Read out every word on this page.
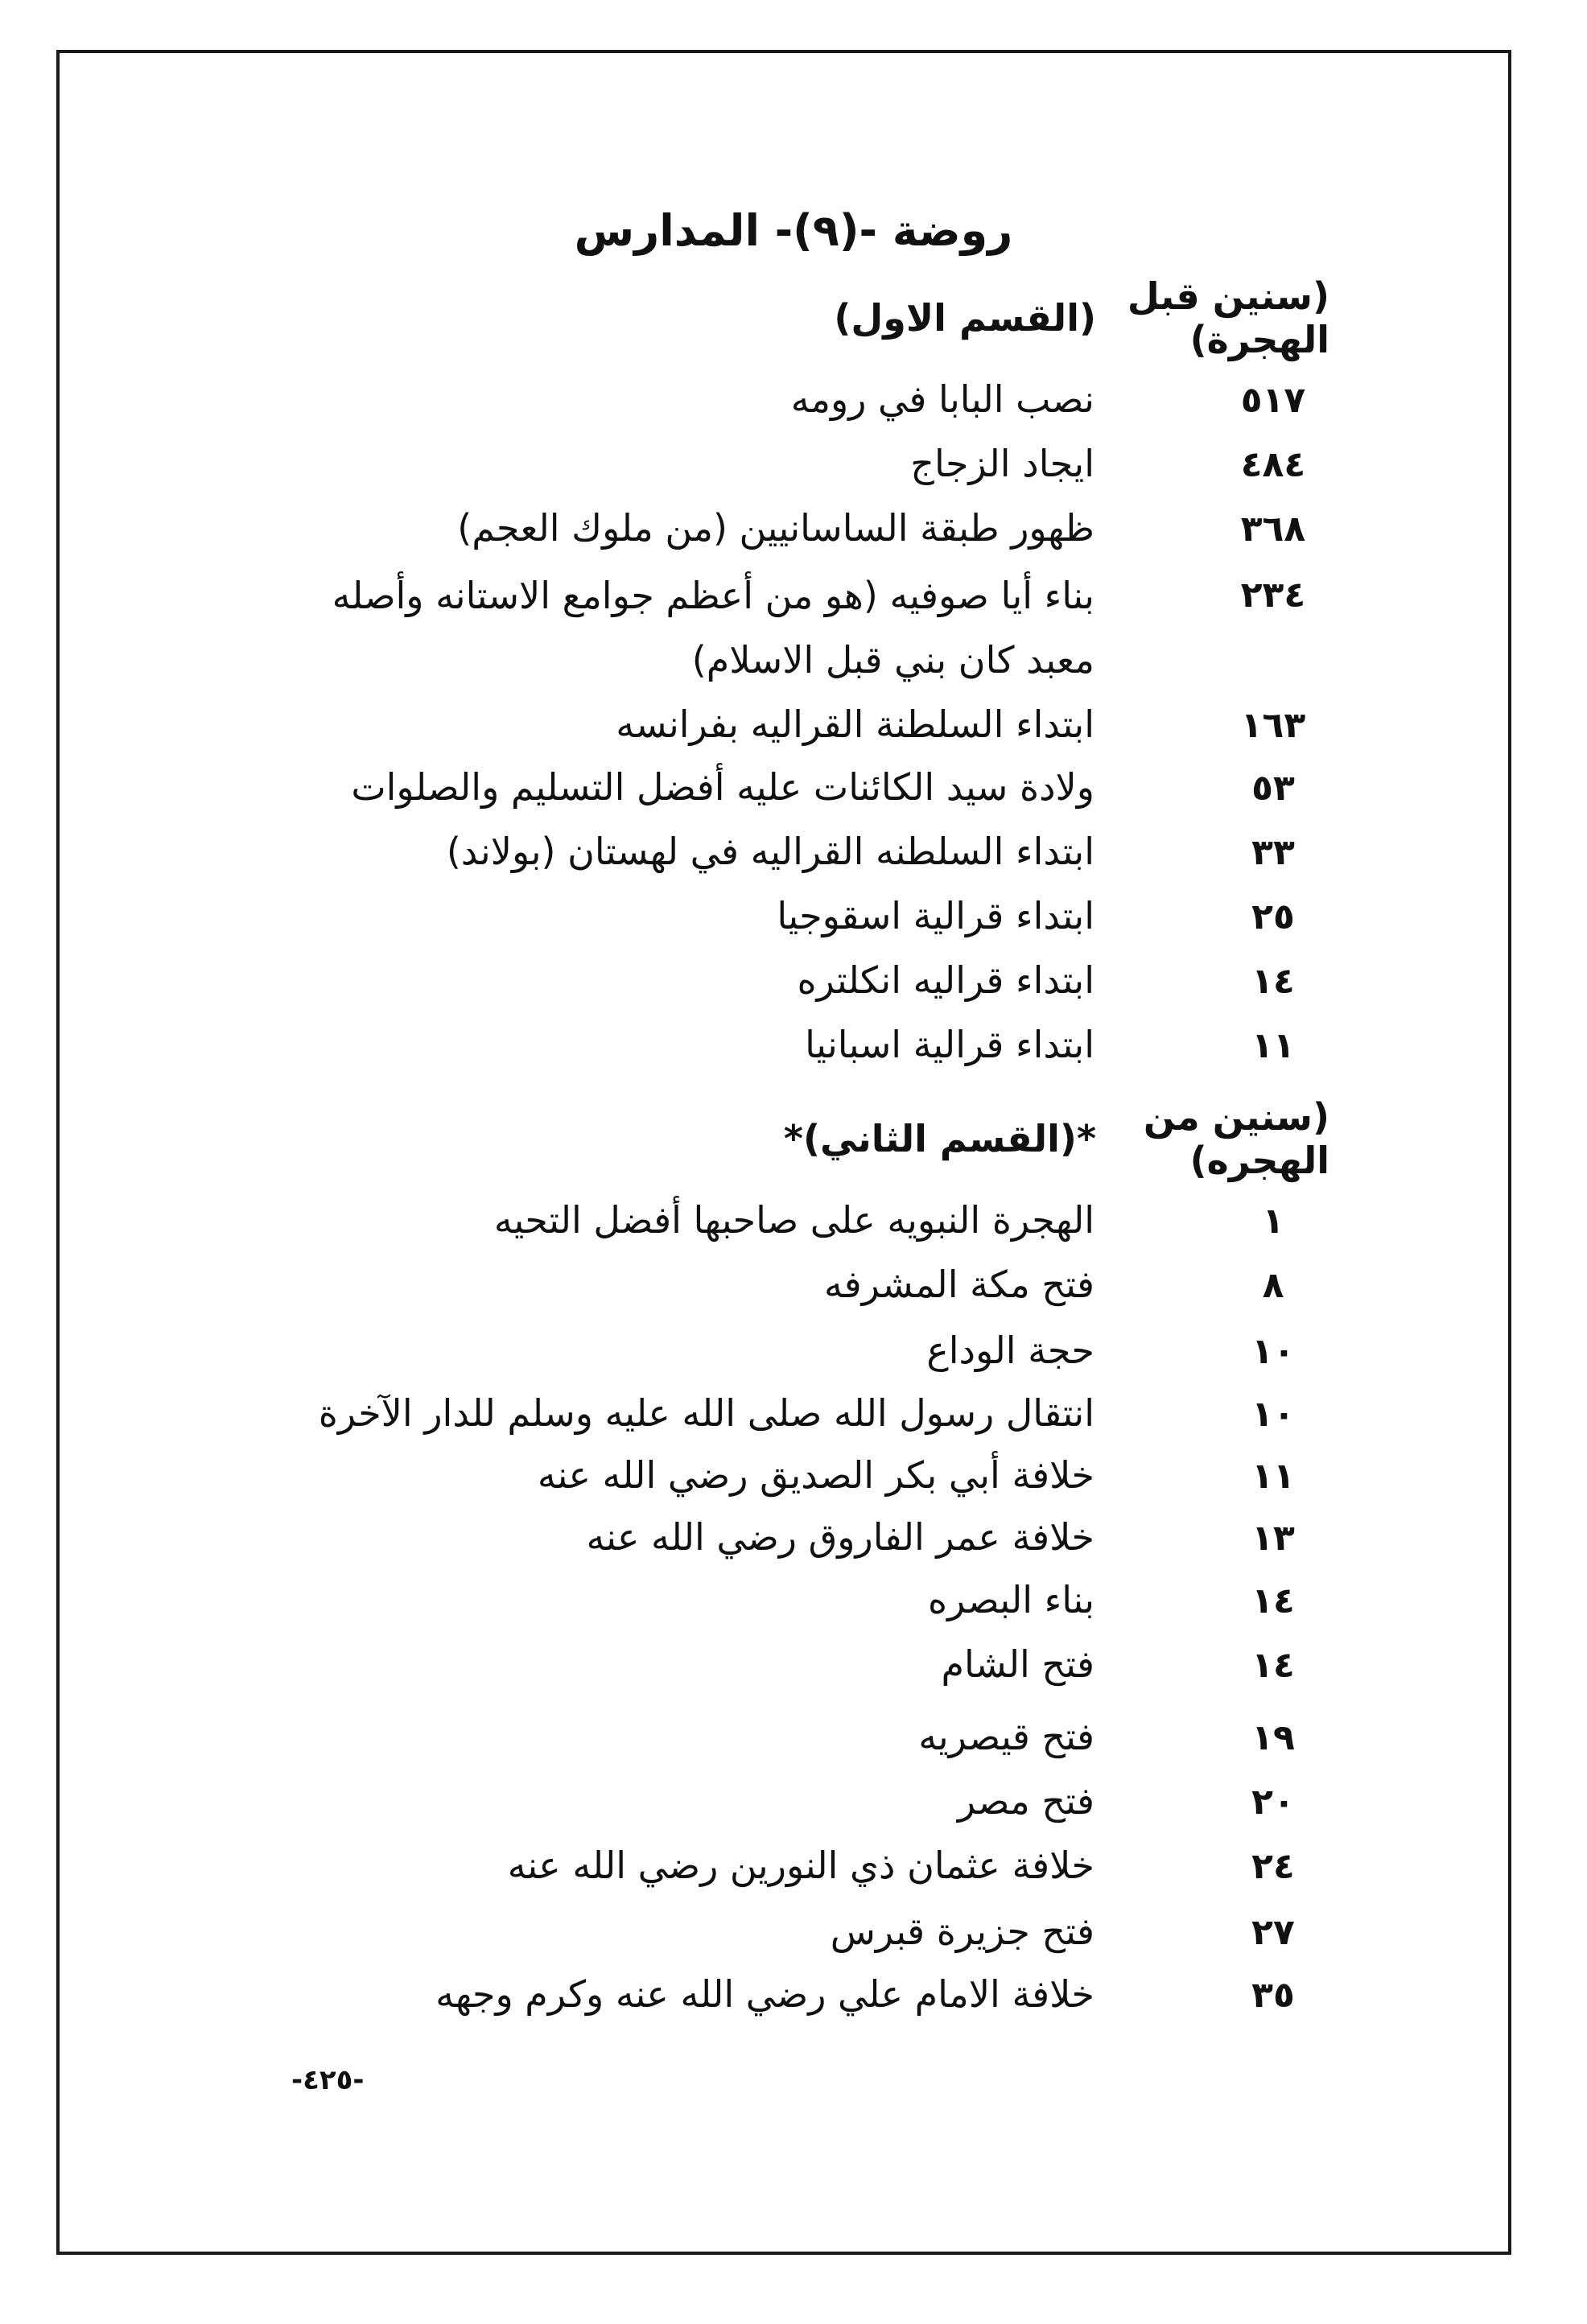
روضة -(٩)- المدارس
(سنين قبل الهجرة)
(القسم الاول)
٥١٧
نصب البابا في رومه
٤٨٤
ايجاد الزجاج
٣٦٨
ظهور طبقة الساسانيين (من ملوك العجم)
٢٣٤
بناء أيا صوفيه (هو من أعظم جوامع الاستانه وأصله معبد كان بني قبل الاسلام)
١٦٣
ابتداء السلطنة القراليه بفرانسه
٥٣
ولادة سيد الكائنات عليه أفضل التسليم والصلوات
٣٣
ابتداء السلطنه القراليه في لهستان (بولاند)
٢٥
ابتداء قرالية اسقوجيا
١٤
ابتداء قراليه انكلتره
١١
ابتداء قرالية اسبانيا
(سنين من الهجره)
*(القسم الثاني)*
١
الهجرة النبويه على صاحبها أفضل التحيه
٨
فتح مكة المشرفه
١٠
حجة الوداع
١٠
انتقال رسول الله صلى الله عليه وسلم للدار الآخرة
١١
خلافة أبي بكر الصديق رضي الله عنه
١٣
خلافة عمر الفاروق رضي الله عنه
١٤
بناء البصره
١٤
فتح الشام
١٩
فتح قيصريه
٢٠
فتح مصر
٢٤
خلافة عثمان ذي النورين رضي الله عنه
٢٧
فتح جزيرة قبرس
٣٥
خلافة الامام علي رضي الله عنه وكرم وجهه
-٤٢٥-
